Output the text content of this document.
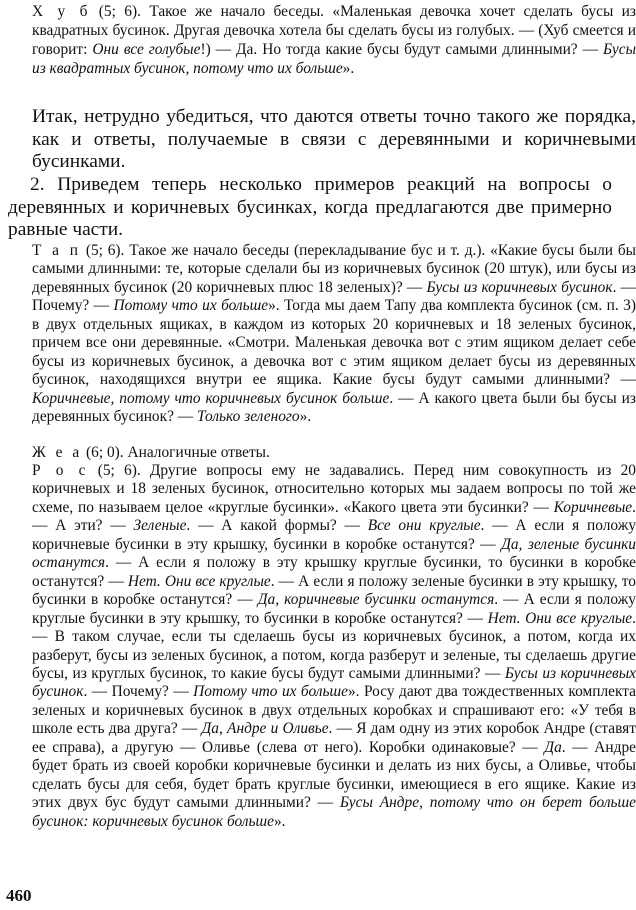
Х у б (5; 6). Такое же начало беседы. «Маленькая девочка хочет сделать бусы из квадратных бусинок. Другая девочка хотела бы сделать бусы из голубых. — (Хуб смеется и говорит: Они все голубые!) — Да. Но тогда какие бусы будут самыми длинными? — Бусы из квадратных бусинок, потому что их больше».

Итак, нетрудно убедиться, что даются ответы точно такого же порядка, как и ответы, получаемые в связи с деревянными и коричневыми бусинками.

2. Приведем теперь несколько примеров реакций на вопросы о деревянных и коричневых бусинках, когда предлагаются две примерно равные части.

Т а п (5; 6). Такое же начало беседы (перекладывание бус и т. д.). «Какие бусы были бы самыми длинными: те, которые сделали бы из коричневых бусинок (20 штук), или бусы из деревянных бусинок (20 коричневых плюс 18 зеленых)? — Бусы из коричневых бусинок. — Почему? — Потому что их больше». Тогда мы даем Тапу два комплекта бусинок (см. п. 3) в двух отдельных ящиках, в каждом из которых 20 коричневых и 18 зеленых бусинок, причем все они деревянные. «Смотри. Маленькая девочка вот с этим ящиком делает себе бусы из коричневых бусинок, а девочка вот с этим ящиком делает бусы из деревянных бусинок, находящихся внутри ее ящика. Какие бусы будут самыми длинными? — Коричневые, потому что коричневых бусинок больше. — А какого цвета были бы бусы из деревянных бусинок? — Только зеленого».

Ж е а (6; 0). Аналогичные ответы.

Р о с (5; 6). Другие вопросы ему не задавались. Перед ним совокупность из 20 коричневых и 18 зеленых бусинок, относительно которых мы задаем вопросы по той же схеме, по называем целое «круглые бусинки». «Какого цвета эти бусинки? — Коричневые. — А эти? — Зеленые. — А какой формы? — Все они круглые. — А если я положу коричневые бусинки в эту крышку, бусинки в коробке останутся? — Да, зеленые бусинки останутся. — А если я положу в эту крышку круглые бусинки, то бусинки в коробке останутся? — Нет. Они все круглые. — А если я положу зеленые бусинки в эту крышку, то бусинки в коробке останутся? — Да, коричневые бусинки останутся. — А если я положу круглые бусинки в эту крышку, то бусинки в коробке останутся? — Нет. Они все круглые. — В таком случае, если ты сделаешь бусы из коричневых бусинок, а потом, когда их разберут, бусы из зеленых бусинок, а потом, когда разберут и зеленые, ты сделаешь другие бусы, из круглых бусинок, то какие бусы будут самыми длинными? — Бусы из коричневых бусинок. — Почему? — Потому что их больше». Росу дают два тождественных комплекта зеленых и коричневых бусинок в двух отдельных коробках и спрашивают его: «У тебя в школе есть два друга? — Да, Андре и Оливье. — Я дам одну из этих коробок Андре (ставят ее справа), а другую — Оливье (слева от него). Коробки одинаковые? — Да. — Андре будет брать из своей коробки коричневые бусинки и делать из них бусы, а Оливье, чтобы сделать бусы для себя, будет брать круглые бусинки, имеющиеся в его ящике. Какие из этих двух бус будут самыми длинными? — Бусы Андре, потому что он берет больше бусинок: коричневых бусинок больше».

460
